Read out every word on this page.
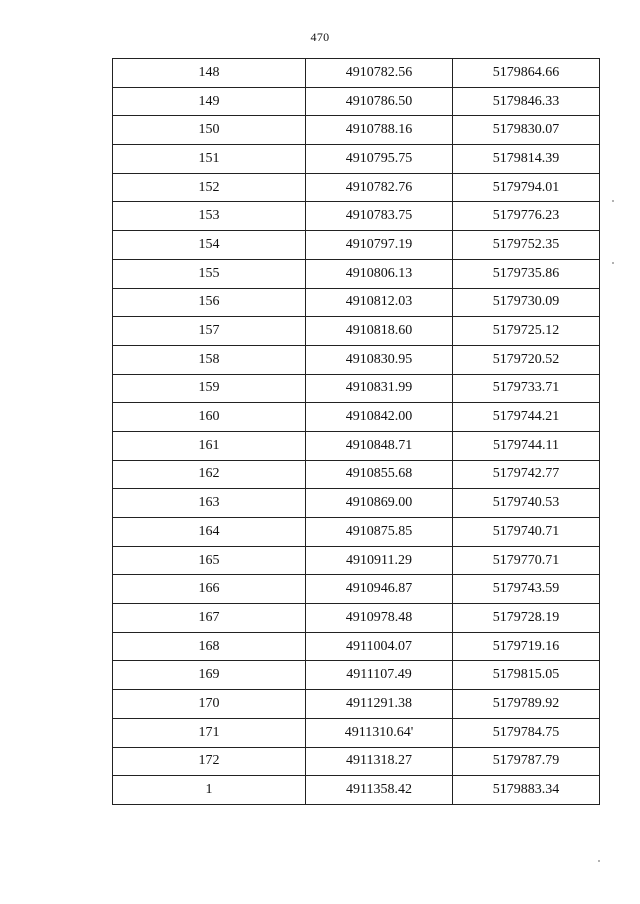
470
148	4910782.56	5179864.66
149	4910786.50	5179846.33
150	4910788.16	5179830.07
151	4910795.75	5179814.39
152	4910782.76	5179794.01
153	4910783.75	5179776.23
154	4910797.19	5179752.35
155	4910806.13	5179735.86
156	4910812.03	5179730.09
157	4910818.60	5179725.12
158	4910830.95	5179720.52
159	4910831.99	5179733.71
160	4910842.00	5179744.21
161	4910848.71	5179744.11
162	4910855.68	5179742.77
163	4910869.00	5179740.53
164	4910875.85	5179740.71
165	4910911.29	5179770.71
166	4910946.87	5179743.59
167	4910978.48	5179728.19
168	4911004.07	5179719.16
169	4911107.49	5179815.05
170	4911291.38	5179789.92
171	4911310.64'	5179784.75
172	4911318.27	5179787.79
1	4911358.42	5179883.34
